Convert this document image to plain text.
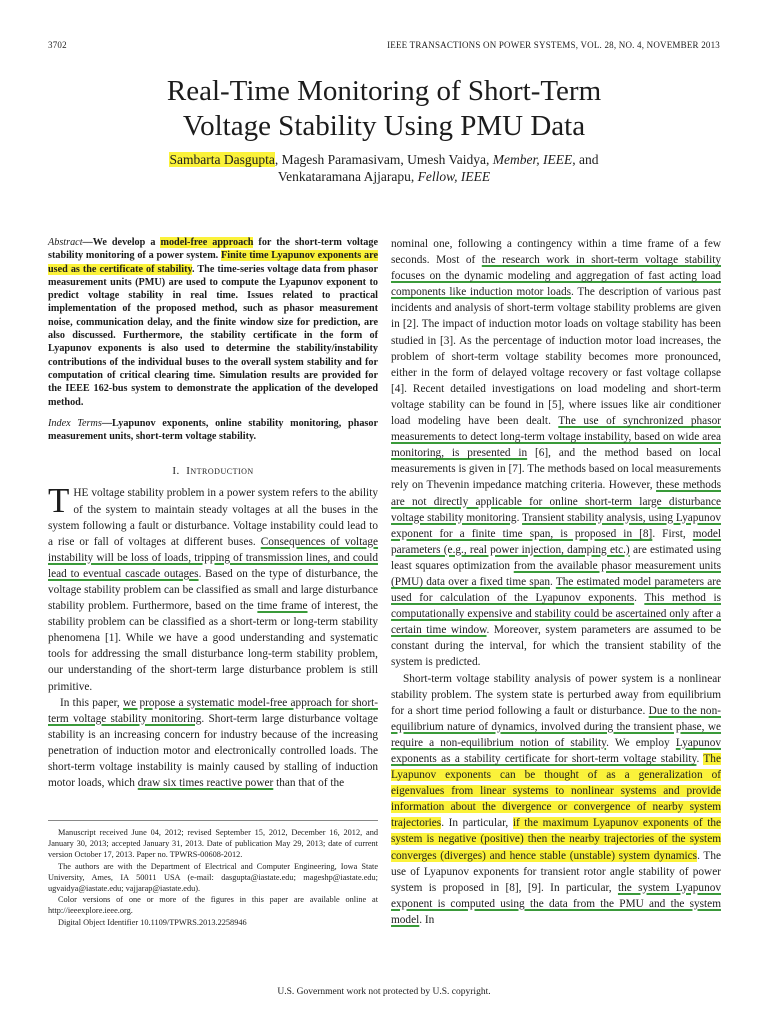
3702	IEEE TRANSACTIONS ON POWER SYSTEMS, VOL. 28, NO. 4, NOVEMBER 2013
Real-Time Monitoring of Short-Term
Voltage Stability Using PMU Data
Sambarta Dasgupta, Magesh Paramasivam, Umesh Vaidya, Member, IEEE, and
Venkataramana Ajjarapu, Fellow, IEEE
Abstract—We develop a model-free approach for the short-term voltage stability monitoring of a power system. Finite time Lyapunov exponents are used as the certificate of stability. The time-series voltage data from phasor measurement units (PMU) are used to compute the Lyapunov exponent to predict voltage stability in real time. Issues related to practical implementation of the proposed method, such as phasor measurement noise, communication delay, and the finite window size for prediction, are also discussed. Furthermore, the stability certificate in the form of Lyapunov exponents is also used to determine the stability/instability contributions of the individual buses to the overall system stability and for computation of critical clearing time. Simulation results are provided for the IEEE 162-bus system to demonstrate the application of the developed method.
Index Terms—Lyapunov exponents, online stability monitoring, phasor measurement units, short-term voltage stability.
I. Introduction

THE voltage stability problem in a power system refers to the ability of the system to maintain steady voltages at all the buses in the system following a fault or disturbance. Voltage instability could lead to a rise or fall of voltages at different buses. Consequences of voltage instability will be loss of loads, tripping of transmission lines, and could lead to eventual cascade outages. Based on the type of disturbance, the voltage stability problem can be classified as small and large disturbance stability problem. Furthermore, based on the time frame of interest, the stability problem can be classified as a short-term or long-term stability phenomena [1]. While we have a good understanding and systematic tools for addressing the small disturbance long-term stability problem, our understanding of the short-term large disturbance problem is still primitive.

In this paper, we propose a systematic model-free approach for short-term voltage stability monitoring. Short-term large disturbance voltage stability is an increasing concern for industry because of the increasing penetration of induction motor and electronically controlled loads. The short-term voltage instability is mainly caused by stalling of induction motor loads, which draw six times reactive power than that of the

Manuscript received June 04, 2012; revised September 15, 2012, December 16, 2012, and January 30, 2013; accepted January 31, 2013. Date of publication May 29, 2013; date of current version October 17, 2013. Paper no. TPWRS-00608-2012.

The authors are with the Department of Electrical and Computer Engineering, Iowa State University, Ames, IA 50011 USA (e-mail: dasgupta@iastate.edu; mageshp@iastate.edu; ugvaidya@iastate.edu; vajjarap@iastate.edu).

Color versions of one or more of the figures in this paper are available online at http://ieeexplore.ieee.org.

Digital Object Identifier 10.1109/TPWRS.2013.2258946

nominal one, following a contingency within a time frame of a few seconds. Most of the research work in short-term voltage stability focuses on the dynamic modeling and aggregation of fast acting load components like induction motor loads. The description of various past incidents and analysis of short-term voltage stability problems are given in [2]. The impact of induction motor loads on voltage stability has been studied in [3]. As the percentage of induction motor load increases, the problem of short-term voltage stability becomes more pronounced, either in the form of delayed voltage recovery or fast voltage collapse [4]. Recent detailed investigations on load modeling and short-term voltage stability can be found in [5], where issues like air conditioner load modeling have been dealt. The use of synchronized phasor measurements to detect long-term voltage instability, based on wide area monitoring, is presented in [6], and the method based on local measurements is given in [7]. The methods based on local measurements rely on Thevenin impedance matching criteria. However, these methods are not directly applicable for online short-term large disturbance voltage stability monitoring. Transient stability analysis, using Lyapunov exponent for a finite time span, is proposed in [8]. First, model parameters (e.g., real power injection, damping etc.) are estimated using least squares optimization from the available phasor measurement units (PMU) data over a fixed time span. The estimated model parameters are used for calculation of the Lyapunov exponents. This method is computationally expensive and stability could be ascertained only after a certain time window. Moreover, system parameters are assumed to be constant during the interval, for which the transient stability of the system is predicted.

Short-term voltage stability analysis of power system is a nonlinear stability problem. The system state is perturbed away from equilibrium for a short time period following a fault or disturbance. Due to the non-equilibrium nature of dynamics, involved during the transient phase, we require a non-equilibrium notion of stability. We employ Lyapunov exponents as a stability certificate for short-term voltage stability. The Lyapunov exponents can be thought of as a generalization of eigenvalues from linear systems to nonlinear systems and provide information about the divergence or convergence of nearby system trajectories. In particular, if the maximum Lyapunov exponents of the system is negative (positive) then the nearby trajectories of the system converges (diverges) and hence stable (unstable) system dynamics. The use of Lyapunov exponents for transient rotor angle stability of power system is proposed in [8], [9]. In particular, the system Lyapunov exponent is computed using the data from the PMU and the system model. In

U.S. Government work not protected by U.S. copyright.
